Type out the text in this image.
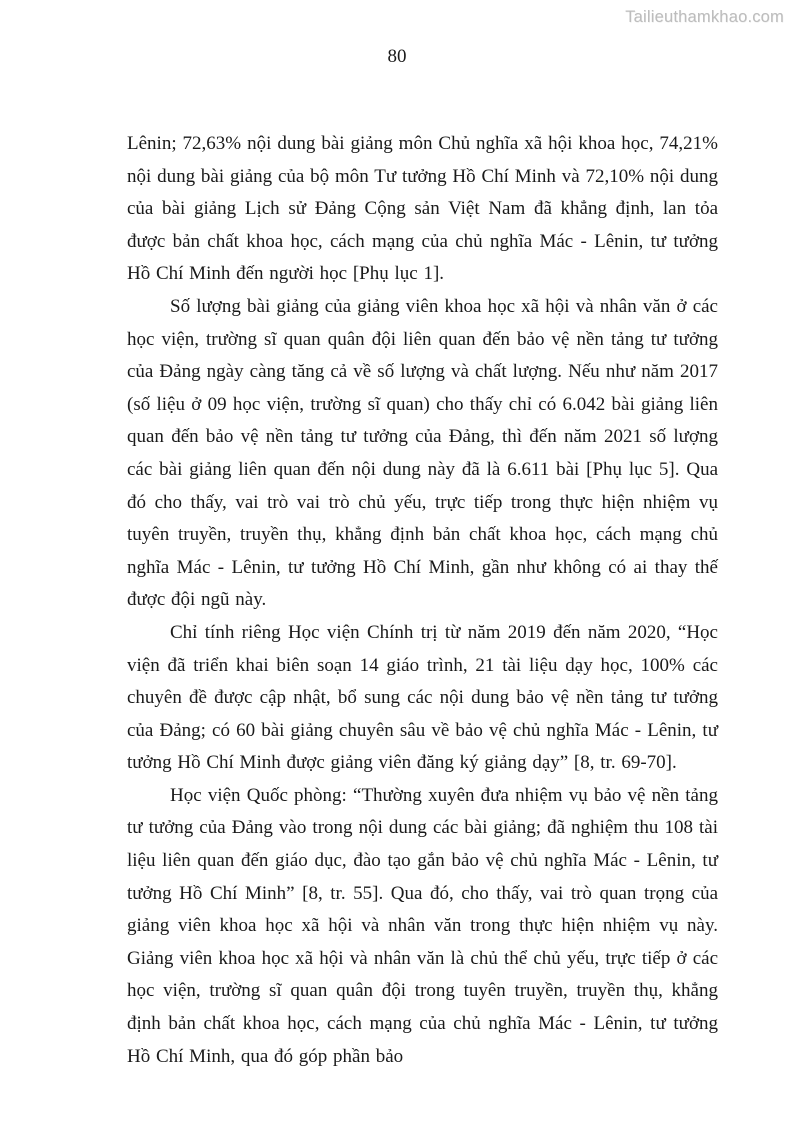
Tailieuthamkhao.com
80

Lênin; 72,63% nội dung bài giảng môn Chủ nghĩa xã hội khoa học, 74,21% nội dung bài giảng của bộ môn Tư tưởng Hồ Chí Minh và 72,10% nội dung của bài giảng Lịch sử Đảng Cộng sản Việt Nam đã khẳng định, lan tỏa được bản chất khoa học, cách mạng của chủ nghĩa Mác - Lênin, tư tưởng Hồ Chí Minh đến người học [Phụ lục 1].

Số lượng bài giảng của giảng viên khoa học xã hội và nhân văn ở các học viện, trường sĩ quan quân đội liên quan đến bảo vệ nền tảng tư tưởng của Đảng ngày càng tăng cả về số lượng và chất lượng. Nếu như năm 2017 (số liệu ở 09 học viện, trường sĩ quan) cho thấy chỉ có 6.042 bài giảng liên quan đến bảo vệ nền tảng tư tưởng của Đảng, thì đến năm 2021 số lượng các bài giảng liên quan đến nội dung này đã là 6.611 bài [Phụ lục 5]. Qua đó cho thấy, vai trò vai trò chủ yếu, trực tiếp trong thực hiện nhiệm vụ tuyên truyền, truyền thụ, khẳng định bản chất khoa học, cách mạng chủ nghĩa Mác - Lênin, tư tưởng Hồ Chí Minh, gần như không có ai thay thế được đội ngũ này.

Chỉ tính riêng Học viện Chính trị từ năm 2019 đến năm 2020, “Học viện đã triển khai biên soạn 14 giáo trình, 21 tài liệu dạy học, 100% các chuyên đề được cập nhật, bổ sung các nội dung bảo vệ nền tảng tư tưởng của Đảng; có 60 bài giảng chuyên sâu về bảo vệ chủ nghĩa Mác - Lênin, tư tưởng Hồ Chí Minh được giảng viên đăng ký giảng dạy” [8, tr. 69-70].

Học viện Quốc phòng: “Thường xuyên đưa nhiệm vụ bảo vệ nền tảng tư tưởng của Đảng vào trong nội dung các bài giảng; đã nghiệm thu 108 tài liệu liên quan đến giáo dục, đào tạo gắn bảo vệ chủ nghĩa Mác - Lênin, tư tưởng Hồ Chí Minh” [8, tr. 55]. Qua đó, cho thấy, vai trò quan trọng của giảng viên khoa học xã hội và nhân văn trong thực hiện nhiệm vụ này. Giảng viên khoa học xã hội và nhân văn là chủ thể chủ yếu, trực tiếp ở các học viện, trường sĩ quan quân đội trong tuyên truyền, truyền thụ, khẳng định bản chất khoa học, cách mạng của chủ nghĩa Mác - Lênin, tư tưởng Hồ Chí Minh, qua đó góp phần bảo
